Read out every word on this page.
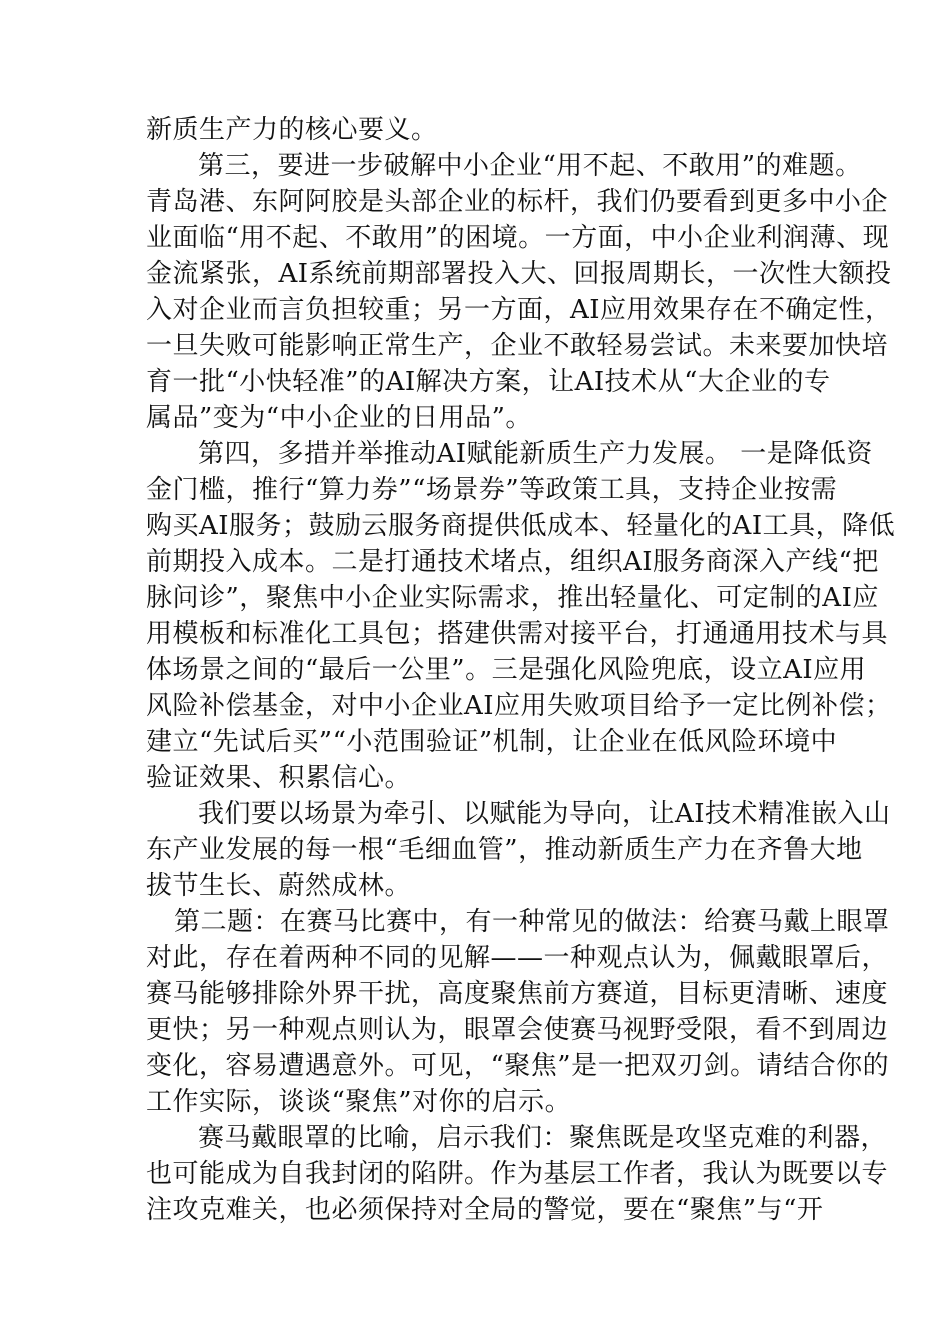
新质生产力的核心要义。
第三，要进一步破解中小企业“用不起、不敢用”的难题。
青岛港、东阿阿胶是头部企业的标杆，我们仍要看到更多中小企
业面临“用不起、不敢用”的困境。一方面，中小企业利润薄、现
金流紧张，AI系统前期部署投入大、回报周期长，一次性大额投
入对企业而言负担较重；另一方面，AI应用效果存在不确定性，
一旦失败可能影响正常生产，企业不敢轻易尝试。未来要加快培
育一批“小快轻准”的AI解决方案，让AI技术从“大企业的专
属品”变为“中小企业的日用品”。
第四，多措并举推动AI赋能新质生产力发展。 一是降低资
金门槛，推行“算力券”“场景券”等政策工具，支持企业按需
购买AI服务；鼓励云服务商提供低成本、轻量化的AI工具，降低
前期投入成本。二是打通技术堵点，组织AI服务商深入产线“把
脉问诊”，聚焦中小企业实际需求，推出轻量化、可定制的AI应
用模板和标准化工具包；搭建供需对接平台，打通通用技术与具
体场景之间的“最后一公里”。三是强化风险兜底，设立AI应用
风险补偿基金，对中小企业AI应用失败项目给予一定比例补偿；
建立“先试后买”“小范围验证”机制，让企业在低风险环境中
验证效果、积累信心。
我们要以场景为牵引、以赋能为导向，让AI技术精准嵌入山
东产业发展的每一根“毛细血管”，推动新质生产力在齐鲁大地
拔节生长、蔚然成林。
第二题：在赛马比赛中，有一种常见的做法：给赛马戴上眼罩
对此，存在着两种不同的见解——一种观点认为，佩戴眼罩后，
赛马能够排除外界干扰，高度聚焦前方赛道，目标更清晰、速度
更快；另一种观点则认为，眼罩会使赛马视野受限，看不到周边
变化，容易遭遇意外。可见，“聚焦”是一把双刃剑。请结合你的
工作实际，谈谈“聚焦”对你的启示。
赛马戴眼罩的比喻，启示我们：聚焦既是攻坚克难的利器，
也可能成为自我封闭的陷阱。作为基层工作者，我认为既要以专
注攻克难关，也必须保持对全局的警觉，要在“聚焦”与“开
